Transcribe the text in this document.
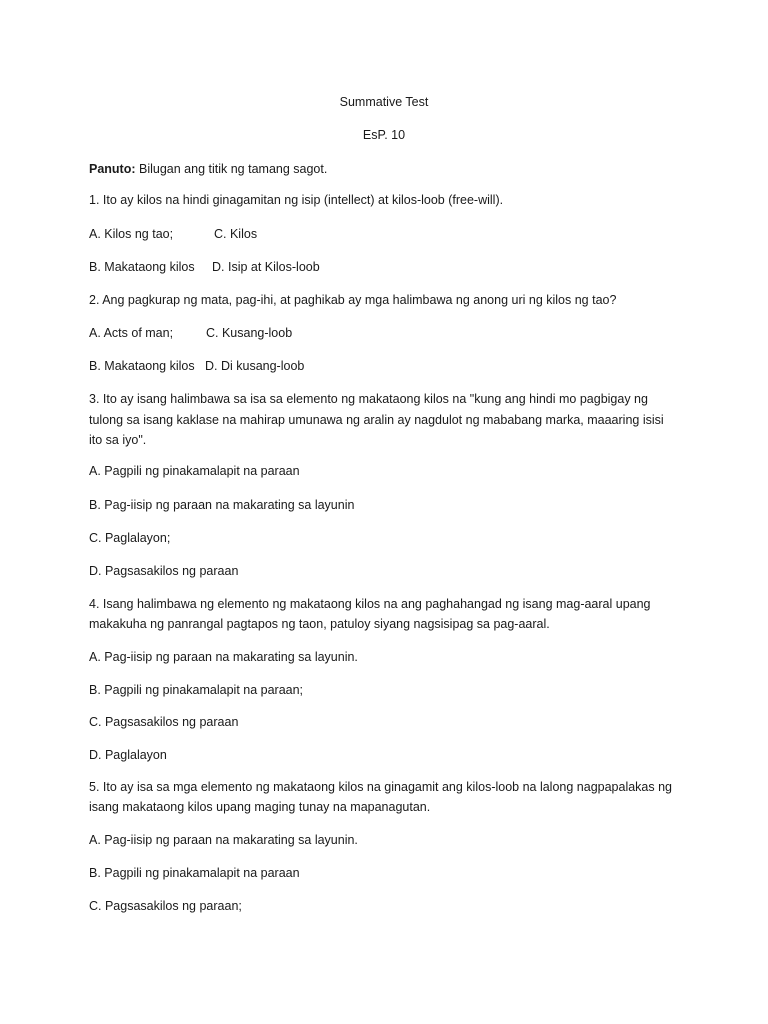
Summative Test

EsP. 10

Panuto: Bilugan ang titik ng tamang sagot.

1. Ito ay kilos na hindi ginagamitan ng isip (intellect) at kilos-loob (free-will).

A. Kilos ng tao;	C. Kilos

B. Makataong kilos D. Isip at Kilos-loob

2. Ang pagkurap ng mata, pag-ihi, at paghikab ay mga halimbawa ng anong uri ng kilos ng tao?

A. Acts of man;	C. Kusang-loob

B. Makataong kilos D. Di kusang-loob

3. Ito ay isang halimbawa sa isa sa elemento ng makataong kilos na "kung ang hindi mo pagbigay ng

tulong sa isang kaklase na mahirap umunawa ng aralin ay nagdulot ng mababang marka, maaaring isisi

ito sa iyo".

A. Pagpili ng pinakamalapit na paraan

B. Pag-iisip ng paraan na makarating sa layunin

C. Paglalayon;

D. Pagsasakilos ng paraan

4. Isang halimbawa ng elemento ng makataong kilos na ang paghahangad ng isang mag-aaral upang

makakuha ng panrangal pagtapos ng taon, patuloy siyang nagsisipag sa pag-aaral.

A. Pag-iisip ng paraan na makarating sa layunin.

B. Pagpili ng pinakamalapit na paraan;

C. Pagsasakilos ng paraan

D. Paglalayon

5. Ito ay isa sa mga elemento ng makataong kilos na ginagamit ang kilos-loob na lalong nagpapalakas ng

isang makataong kilos upang maging tunay na mapanagutan.

A. Pag-iisip ng paraan na makarating sa layunin.

B. Pagpili ng pinakamalapit na paraan

C. Pagsasakilos ng paraan;
